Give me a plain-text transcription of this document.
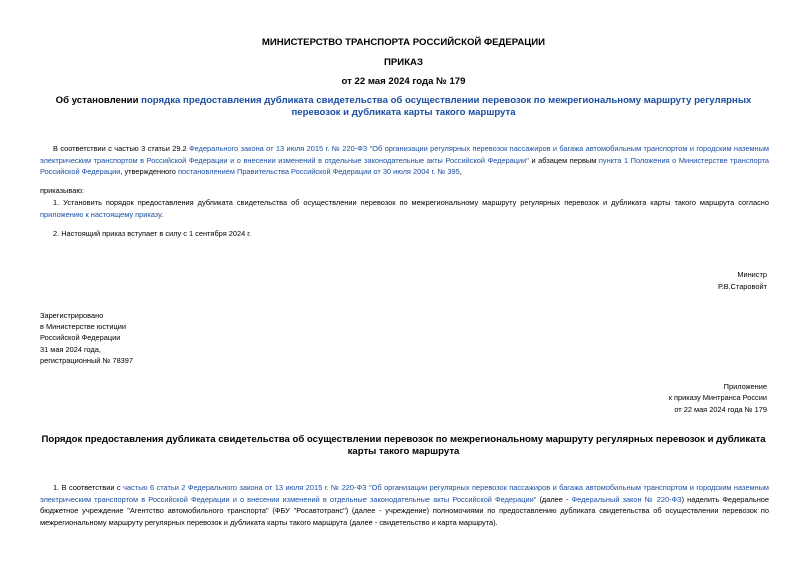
МИНИСТЕРСТВО ТРАНСПОРТА РОССИЙСКОЙ ФЕДЕРАЦИИ
ПРИКАЗ
от 22 мая 2024 года № 179
Об установлении порядка предоставления дубликата свидетельства об осуществлении перевозок по межрегиональному маршруту регулярных перевозок и дубликата карты такого маршрута
В соответствии с частью 3 статьи 29.2 Федерального закона от 13 июля 2015 г. № 220-ФЗ "Об организации регулярных перевозок пассажиров и багажа автомобильным транспортом и городским наземным электрическим транспортом в Российской Федерации и о внесении изменений в отдельные законодательные акты Российской Федерации" и абзацем первым пункта 1 Положения о Министерстве транспорта Российской Федерации, утвержденного постановлением Правительства Российской Федерации от 30 июля 2004 г. № 395,
приказываю:
1. Установить порядок предоставления дубликата свидетельства об осуществлении перевозок по межрегиональному маршруту регулярных перевозок и дубликата карты такого маршрута согласно приложению к настоящему приказу.
2. Настоящий приказ вступает в силу с 1 сентября 2024 г.
Министр
Р.В.Старовойт
Зарегистрировано
в Министерстве юстиции
Российской Федерации
31 мая 2024 года,
регистрационный № 78397
Приложение
к приказу Минтранса России
от 22 мая 2024 года № 179
Порядок предоставления дубликата свидетельства об осуществлении перевозок по межрегиональному маршруту регулярных перевозок и дубликата карты такого маршрута
1. В соответствии с частью 6 статьи 2 Федерального закона от 13 июля 2015 г. № 220-ФЗ "Об организации регулярных перевозок пассажиров и багажа автомобильным транспортом и городским наземным электрическим транспортом в Российской Федерации и о внесении изменений в отдельные законодательные акты Российской Федерации" (далее - Федеральный закон № 220-ФЗ) наделить Федеральное бюджетное учреждение "Агентство автомобильного транспорта" (ФБУ "Росавтотранс") (далее - учреждение) полномочиями по предоставлению дубликата свидетельства об осуществлении перевозок по межрегиональному маршруту регулярных перевозок и дубликата карты такого маршрута (далее - свидетельство и карта маршрута).
